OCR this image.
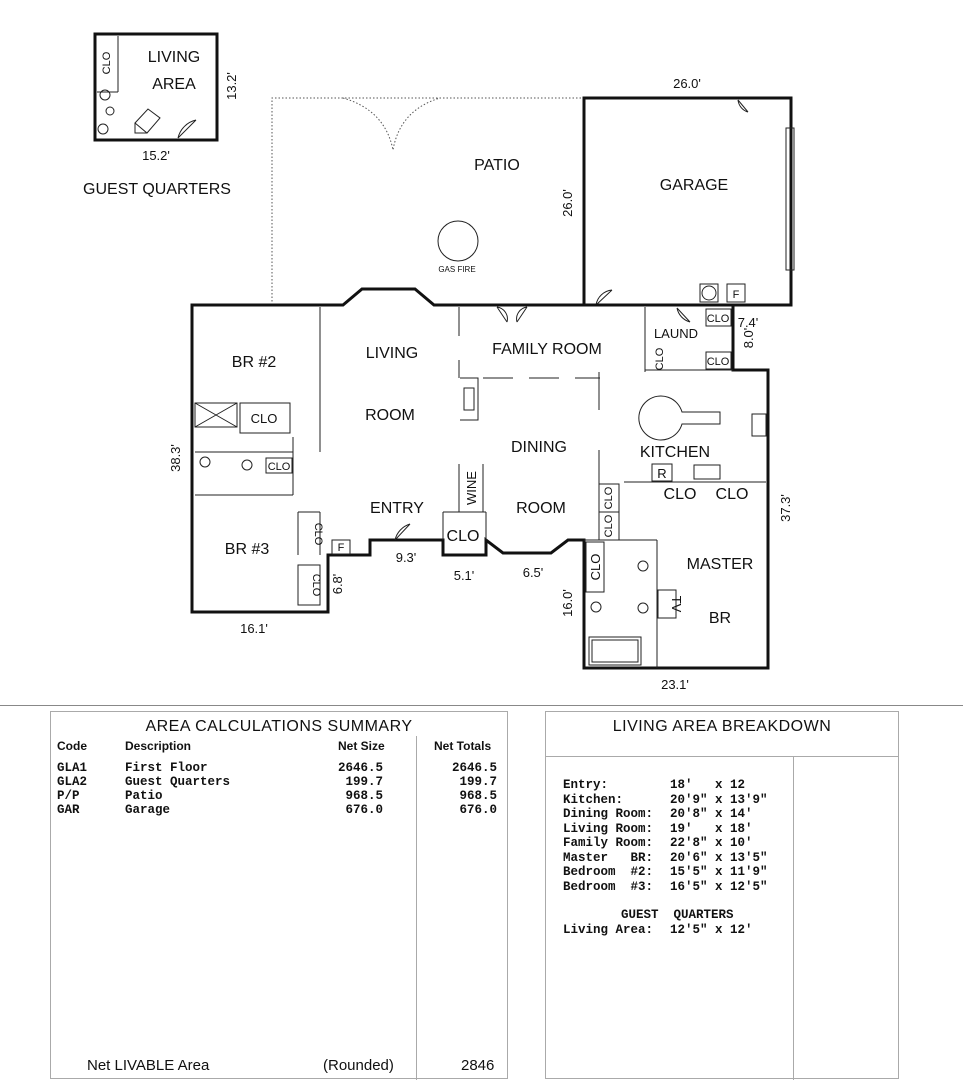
CLO LIVING
AREA
15.2'
13.2'
GUEST QUARTERS
PATIO
GAS FIRE
26.0'
GARAGE
26.0'
F
CLO
CLO
BR #2
38.3'
BR #3
CLO
CLO
F
16.1'
6.8'
LIVING
ROOM
FAMILY ROOM
DINING
ROOM
ENTRY
WINE
CLO
9.3'
5.1'	6.5'
CLO
CLO
LAUND
CLO
CLO
CLO
7.4'
8.0'
KITCHEN
R
CLO CLO 37.3'
MASTER
BR
CLO
TV
16.0'
23.1'
AREA CALCULATIONS SUMMARY
Code	Description	Net Size	Net Totals
GLA1	First Floor	2646.5	2646.5
GLA2	Guest Quarters	199.7	199.7
P/P	Patio	968.5	968.5
GAR	Garage	676.0	676.0
Net LIVABLE Area	(Rounded)	2846
LIVING AREA BREAKDOWN
Entry:	18'   x 12
Kitchen:	20'9" x 13'9"
Dining Room: 20'8" x 14'
Living Room: 19'   x 18'
Family Room: 22'8" x 10'
Master   BR: 20'6" x 13'5"
Bedroom  #2: 15'5" x 11'9"
Bedroom  #3: 16'5" x 12'5"
GUEST  QUARTERS
Living Area: 12'5" x 12'
